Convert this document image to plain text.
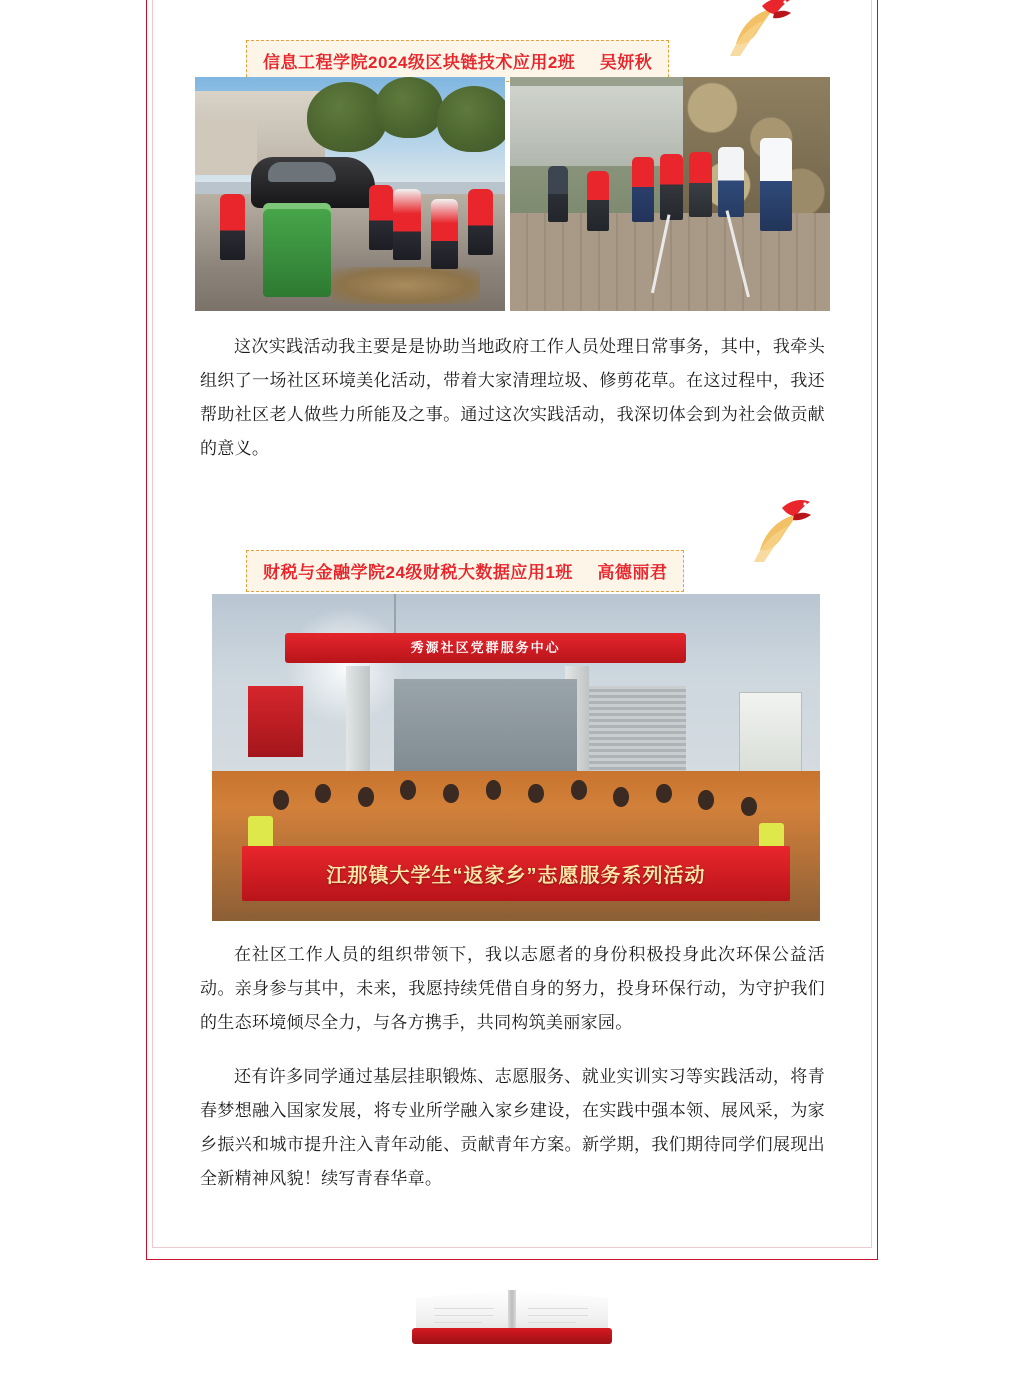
信息工程学院2024级区块链技术应用2班 吴妍秋
这次实践活动我主要是是协助当地政府工作人员处理日常事务，其中，我牵头组织了一场社区环境美化活动，带着大家清理垃圾、修剪花草。在这过程中，我还帮助社区老人做些力所能及之事。通过这次实践活动，我深切体会到为社会做贡献的意义。
财税与金融学院24级财税大数据应用1班 高德丽君
秀源社区党群服务中心
江那镇大学生“返家乡”志愿服务系列活动
在社区工作人员的组织带领下，我以志愿者的身份积极投身此次环保公益活动。亲身参与其中，未来，我愿持续凭借自身的努力，投身环保行动，为守护我们的生态环境倾尽全力，与各方携手，共同构筑美丽家园。
还有许多同学通过基层挂职锻炼、志愿服务、就业实训实习等实践活动，将青春梦想融入国家发展，将专业所学融入家乡建设，在实践中强本领、展风采，为家乡振兴和城市提升注入青年动能、贡献青年方案。新学期，我们期待同学们展现出全新精神风貌！续写青春华章。
